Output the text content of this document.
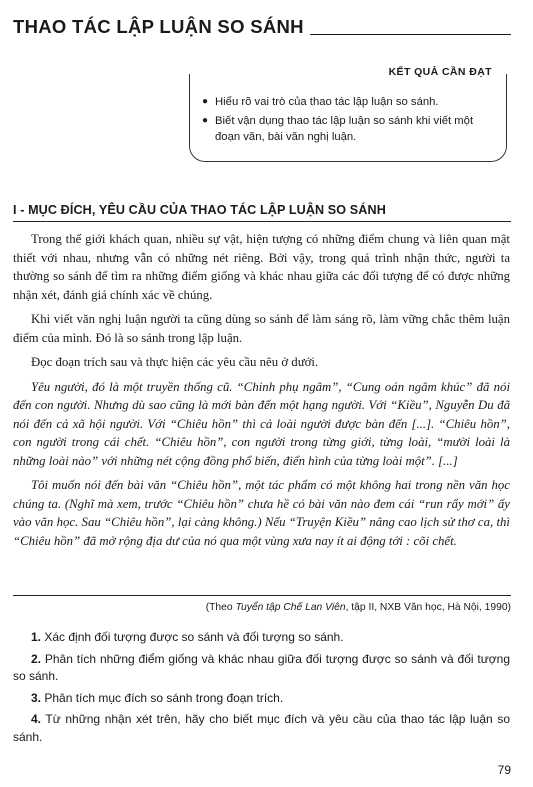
THAO TÁC LẬP LUẬN SO SÁNH
KẾT QUẢ CẦN ĐẠT
● Hiểu rõ vai trò của thao tác lập luận so sánh.
● Biết vận dụng thao tác lập luận so sánh khi viết một đoạn văn, bài văn nghị luận.
I - MỤC ĐÍCH, YÊU CẦU CỦA THAO TÁC LẬP LUẬN SO SÁNH

Trong thế giới khách quan, nhiều sự vật, hiện tượng có những điểm chung và liên quan mật thiết với nhau, nhưng vẫn có những nét riêng. Bởi vậy, trong quá trình nhận thức, người ta thường so sánh để tìm ra những điểm giống và khác nhau giữa các đối tượng để có được những nhận xét, đánh giá chính xác về chúng.

Khi viết văn nghị luận người ta cũng dùng so sánh để làm sáng rõ, làm vững chắc thêm luận điểm của mình. Đó là so sánh trong lập luận.

Đọc đoạn trích sau và thực hiện các yêu cầu nêu ở dưới.

Yêu người, đó là một truyền thống cũ. “Chinh phụ ngâm”, “Cung oán ngâm khúc” đã nói đến con người. Nhưng dù sao cũng là mới bàn đến một hạng người. Với “Kiều”, Nguyễn Du đã nói đến cả xã hội người. Với “Chiêu hồn” thì cả loài người được bàn đến [...]. “Chiêu hồn”, con người trong cái chết. “Chiêu hồn”, con người trong từng giới, từng loài, “mười loài là những loài nào” với những nét cộng đồng phổ biến, điển hình của từng loài một”. [...]

Tôi muốn nói đến bài văn “Chiêu hồn”, một tác phẩm có một không hai trong nền văn học chúng ta. (Nghĩ mà xem, trước “Chiêu hồn” chưa hề có bài văn nào đem cái “run rẩy mới” ấy vào văn học. Sau “Chiêu hồn”, lại càng không.) Nếu “Truyện Kiều” nâng cao lịch sử thơ ca, thì “Chiêu hồn” đã mở rộng địa dư của nó qua một vùng xưa nay ít ai động tới : cõi chết.

(Theo Tuyển tập Chế Lan Viên, tập II, NXB Văn học, Hà Nội, 1990)

1. Xác định đối tượng được so sánh và đối tượng so sánh.

2. Phân tích những điểm giống và khác nhau giữa đối tượng được so sánh và đối tượng so sánh.

3. Phân tích mục đích so sánh trong đoạn trích.

4. Từ những nhận xét trên, hãy cho biết mục đích và yêu cầu của thao tác lập luận so sánh.

79
